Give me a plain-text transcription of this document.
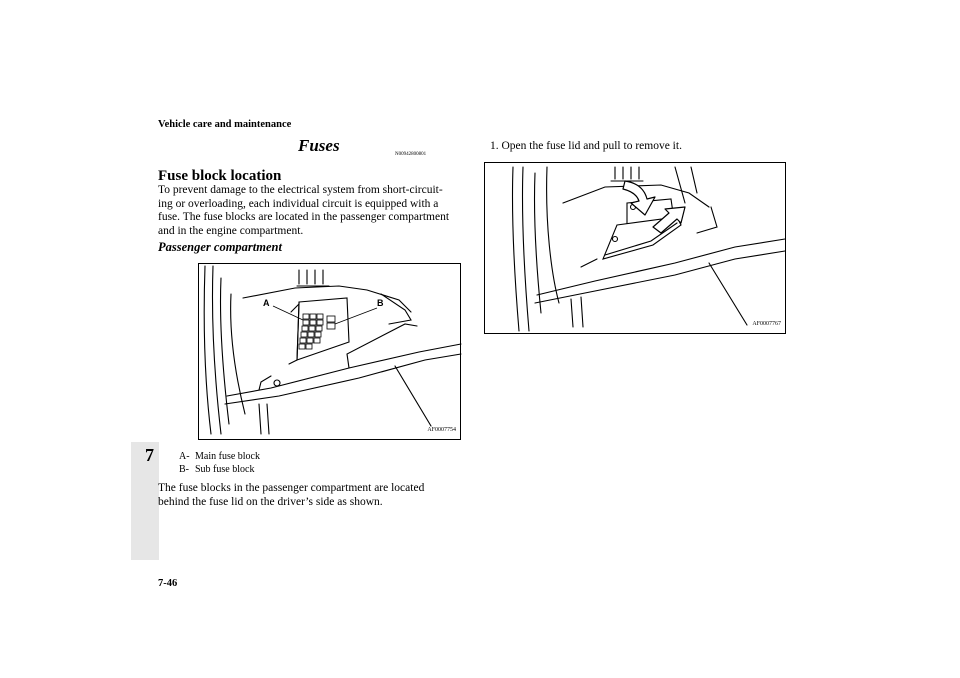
Vehicle care and maintenance
7
Fuses	N00942800801
Fuse block location
To prevent damage to the electrical system from short-circuit-
ing or overloading, each individual circuit is equipped with a
fuse. The fuse blocks are located in the passenger compartment
and in the engine compartment.
Passenger compartment
A	B
AF0007754
A- Main fuse block
B- Sub fuse block
The fuse blocks in the passenger compartment are located
behind the fuse lid on the driver’s side as shown.
1. Open the fuse lid and pull to remove it.
AF0007767
7-46
